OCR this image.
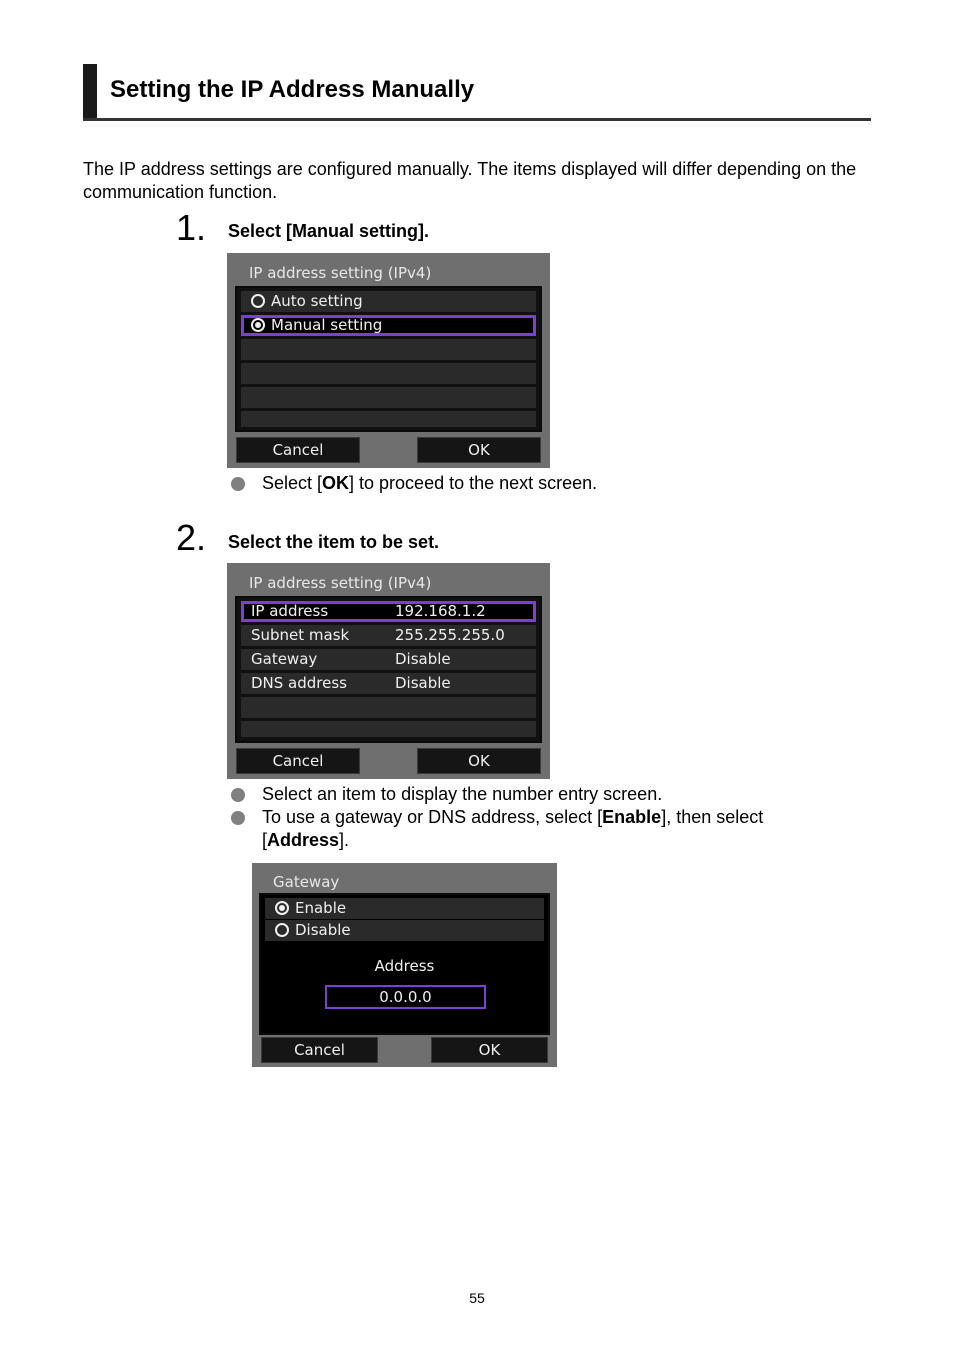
Setting the IP Address Manually
The IP address settings are configured manually. The items displayed will differ depending on the communication function.
1. Select [Manual setting].
IP address setting (IPv4)
Auto setting
Manual setting
Cancel	OK
Select [OK] to proceed to the next screen.
2. Select the item to be set.
IP address setting (IPv4)
IP address	192.168.1.2
Subnet mask	255.255.255.0
Gateway	Disable
DNS address	Disable
Cancel	OK
Select an item to display the number entry screen.
To use a gateway or DNS address, select [Enable], then select [Address].
Gateway
Enable
Disable
Address
0.0.0.0
Cancel	OK
55
